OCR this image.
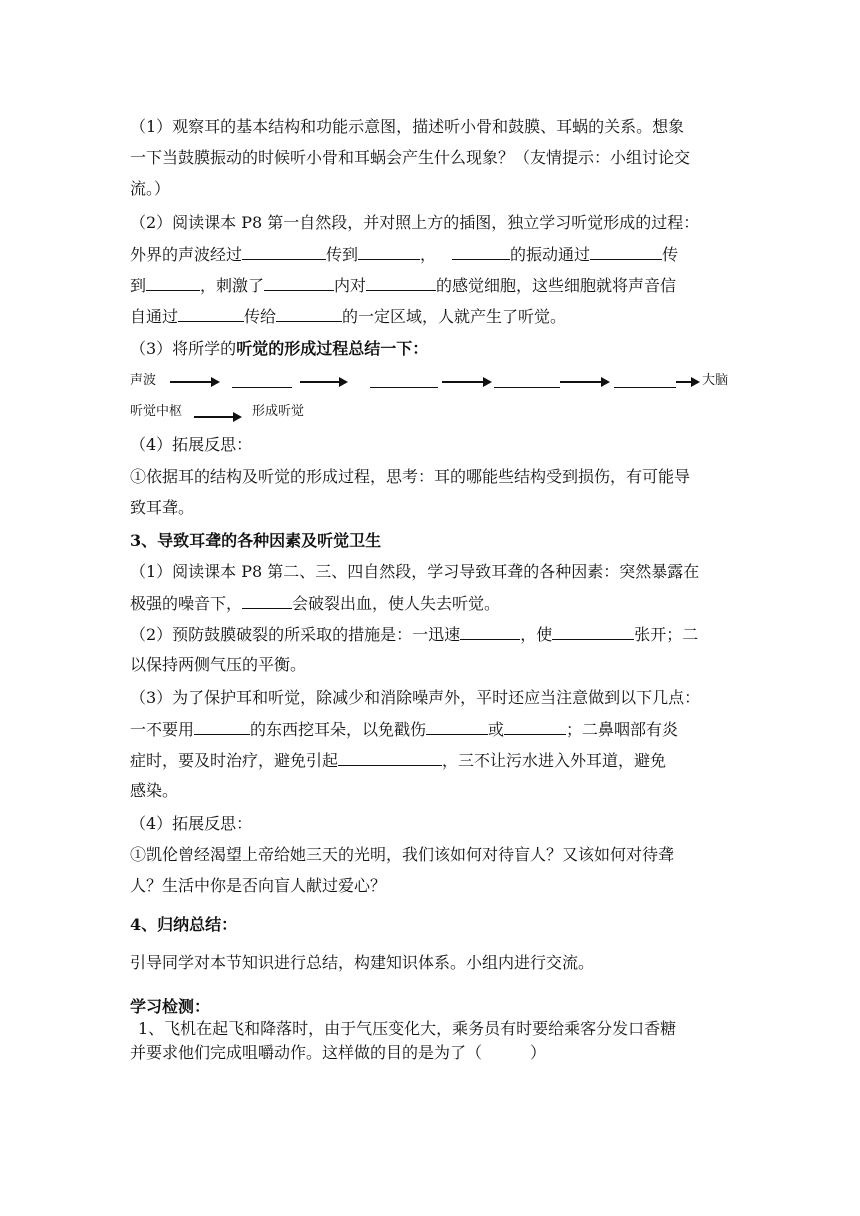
（1）观察耳的基本结构和功能示意图，描述听小骨和鼓膜、耳蜗的关系。想象
一下当鼓膜振动的时候听小骨和耳蜗会产生什么现象？（友情提示：小组讨论交
流。）
（2）阅读课本 P8 第一自然段，并对照上方的插图，独立学习听觉形成的过程：
外界的声波经过	传到	，	的振动通过	传
到	，刺激了	内对	的感觉细胞，这些细胞就将声音信
自通过	传给	的一定区域，人就产生了听觉。
（3）将所学的听觉的形成过程总结一下：
声波	大脑
听觉中枢	形成听觉
（4）拓展反思：
①依据耳的结构及听觉的形成过程，思考：耳的哪能些结构受到损伤，有可能导
致耳聋。
3、导致耳聋的各种因素及听觉卫生
（1）阅读课本 P8 第二、三、四自然段，学习导致耳聋的各种因素：突然暴露在
极强的噪音下，	会破裂出血，使人失去听觉。
（2）预防鼓膜破裂的所采取的措施是：一迅速	，使	张开；二
以保持两侧气压的平衡。
（3）为了保护耳和听觉，除减少和消除噪声外，平时还应当注意做到以下几点：
一不要用	的东西挖耳朵，以免戳伤	或	；二鼻咽部有炎
症时，要及时治疗，避免引起	，三不让污水进入外耳道，避免
感染。
（4）拓展反思：
①凯伦曾经渴望上帝给她三天的光明，我们该如何对待盲人？又该如何对待聋
人？生活中你是否向盲人献过爱心？
4、归纳总结：
引导同学对本节知识进行总结，构建知识体系。小组内进行交流。
学习检测：
1、飞机在起飞和降落时，由于气压变化大，乘务员有时要给乘客分发口香糖
并要求他们完成咀嚼动作。这样做的目的是为了（　　　）
